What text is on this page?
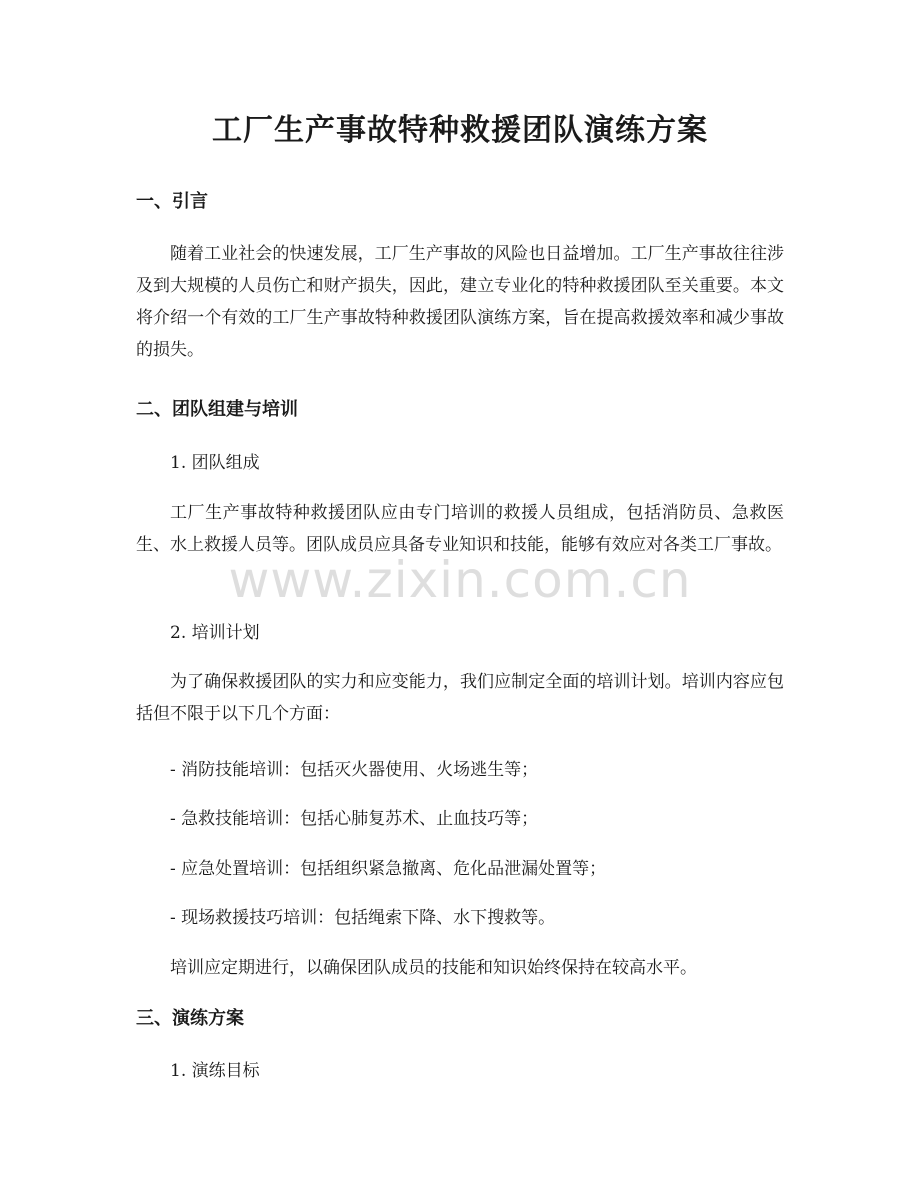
工厂生产事故特种救援团队演练方案
一、引言

随着工业社会的快速发展，工厂生产事故的风险也日益增加。工厂生产事故往往涉及到大规模的人员伤亡和财产损失，因此，建立专业化的特种救援团队至关重要。本文将介绍一个有效的工厂生产事故特种救援团队演练方案，旨在提高救援效率和减少事故的损失。

二、团队组建与培训

1. 团队组成

工厂生产事故特种救援团队应由专门培训的救援人员组成，包括消防员、急救医生、水上救援人员等。团队成员应具备专业知识和技能，能够有效应对各类工厂事故。

2. 培训计划

为了确保救援团队的实力和应变能力，我们应制定全面的培训计划。培训内容应包括但不限于以下几个方面：

- 消防技能培训：包括灭火器使用、火场逃生等；

- 急救技能培训：包括心肺复苏术、止血技巧等；

- 应急处置培训：包括组织紧急撤离、危化品泄漏处置等；

- 现场救援技巧培训：包括绳索下降、水下搜救等。

培训应定期进行，以确保团队成员的技能和知识始终保持在较高水平。

三、演练方案

1. 演练目标

www.zixin.com.cn
